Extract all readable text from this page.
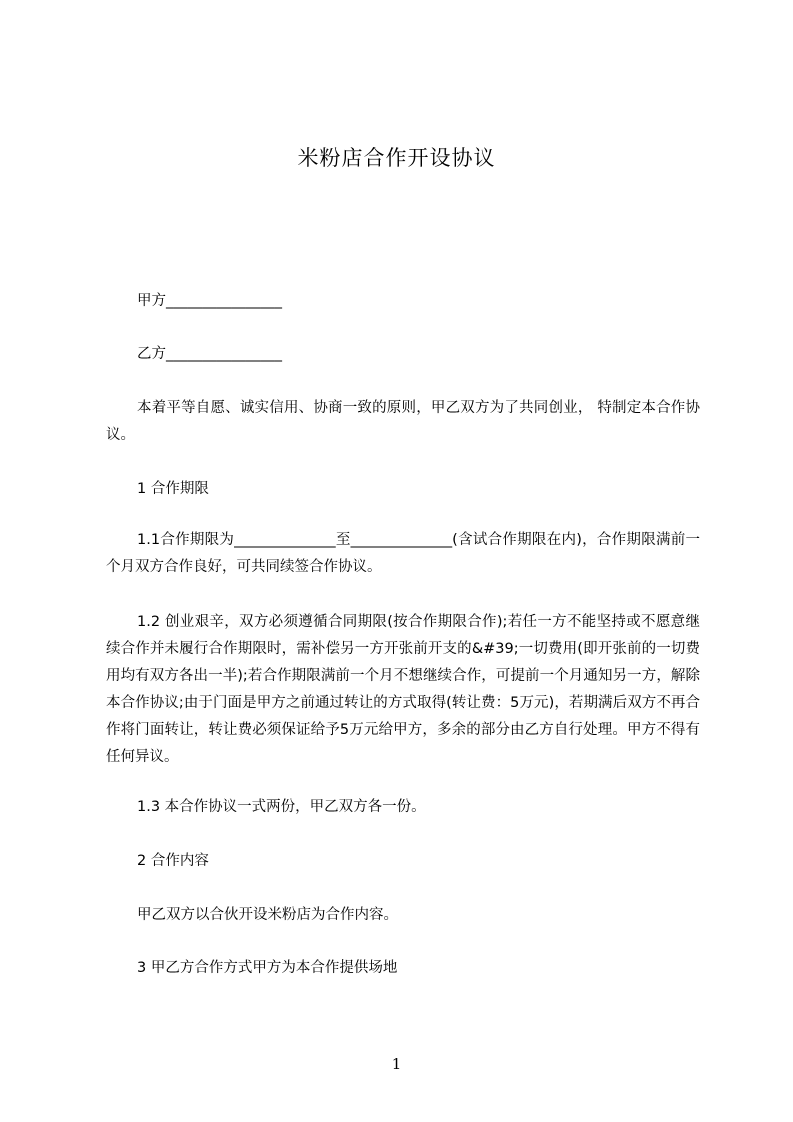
米粉店合作开设协议

甲方________________

乙方________________

本着平等自愿、诚实信用、协商一致的原则，甲乙双方为了共同创业， 特制定本合作协议。

1 合作期限

1.1合作期限为______________至______________(含试合作期限在内)，合作期限满前一个月双方合作良好，可共同续签合作协议。

1.2 创业艰辛，双方必须遵循合同期限(按合作期限合作);若任一方不能坚持或不愿意继续合作并未履行合作期限时，需补偿另一方开张前开支的&#39;一切费用(即开张前的一切费用均有双方各出一半);若合作期限满前一个月不想继续合作，可提前一个月通知另一方，解除本合作协议;由于门面是甲方之前通过转让的方式取得(转让费：5万元)，若期满后双方不再合作将门面转让，转让费必须保证给予5万元给甲方，多余的部分由乙方自行处理。甲方不得有任何异议。

1.3 本合作协议一式两份，甲乙双方各一份。

2 合作内容

甲乙双方以合伙开设米粉店为合作内容。

3 甲乙方合作方式甲方为本合作提供场地

1
